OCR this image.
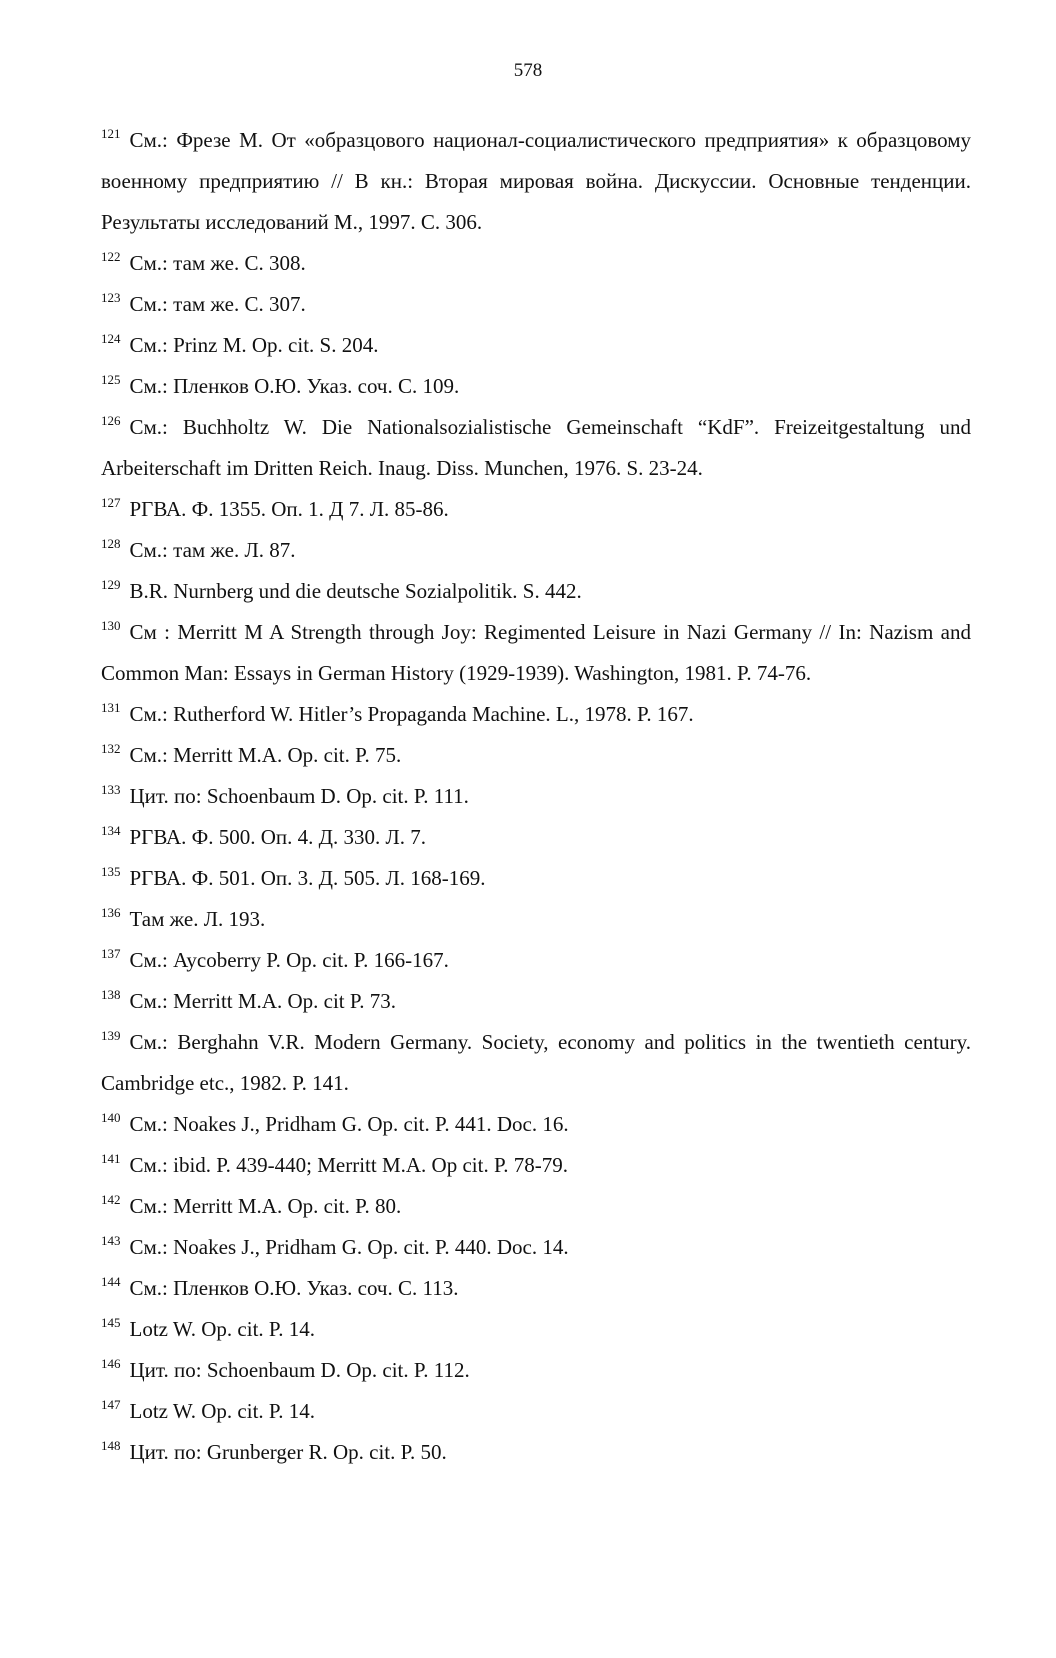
578

$^{121}$ См.: Фрезе М. От «образцового национал-социалистического предприятия» к образцовому военному предприятию // В кн.: Вторая мировая война. Дискуссии. Основные тенденции. Результаты исследований М., 1997. С. 306.

$^{122}$ См.: там же. С. 308.

$^{123}$ См.: там же. С. 307.

$^{124}$ См.: Prinz M. Op. cit. S. 204.

$^{125}$ См.: Пленков О.Ю. Указ. соч. С. 109.

$^{126}$ См.: Buchholtz W. Die Nationalsozialistische Gemeinschaft “KdF”. Freizeitgestaltung und Arbeiterschaft im Dritten Reich. Inaug. Diss. Munchen, 1976. S. 23-24.

$^{127}$ РГВА. Ф. 1355. Оп. 1. Д 7. Л. 85-86.

$^{128}$ См.: там же. Л. 87.

$^{129}$ B.R. Nurnberg und die deutsche Sozialpolitik. S. 442.

$^{130}$ См : Merritt M A Strength through Joy: Regimented Leisure in Nazi Germany // In: Nazism and Common Man: Essays in German History (1929-1939). Washington, 1981. P. 74-76.

$^{131}$ См.: Rutherford W. Hitler’s Propaganda Machine. L., 1978. P. 167.

$^{132}$ См.: Merritt M.A. Op. cit. P. 75.

$^{133}$ Цит. по: Schoenbaum D. Op. cit. P. 111.

$^{134}$ РГВА. Ф. 500. Оп. 4. Д. 330. Л. 7.

$^{135}$ РГВА. Ф. 501. Оп. 3. Д. 505. Л. 168-169.

$^{136}$ Там же. Л. 193.

$^{137}$ См.: Aycoberry P. Op. cit. P. 166-167.

$^{138}$ См.: Merritt M.A. Op. cit P. 73.

$^{139}$ См.: Berghahn V.R. Modern Germany. Society, economy and politics in the twentieth century. Cambridge etc., 1982. P. 141.

$^{140}$ См.: Noakes J., Pridham G. Op. cit. P. 441. Doc. 16.

$^{141}$ См.: ibid. P. 439-440; Merritt M.A. Op cit. P. 78-79.

$^{142}$ См.: Merritt M.A. Op. cit. P. 80.

$^{143}$ См.: Noakes J., Pridham G. Op. cit. P. 440. Doc. 14.

$^{144}$ См.: Пленков О.Ю. Указ. соч. С. 113.

$^{145}$ Lotz W. Op. cit. P. 14.

$^{146}$ Цит. по: Schoenbaum D. Op. cit. P. 112.

$^{147}$ Lotz W. Op. cit. P. 14.

$^{148}$ Цит. по: Grunberger R. Op. cit. P. 50.
